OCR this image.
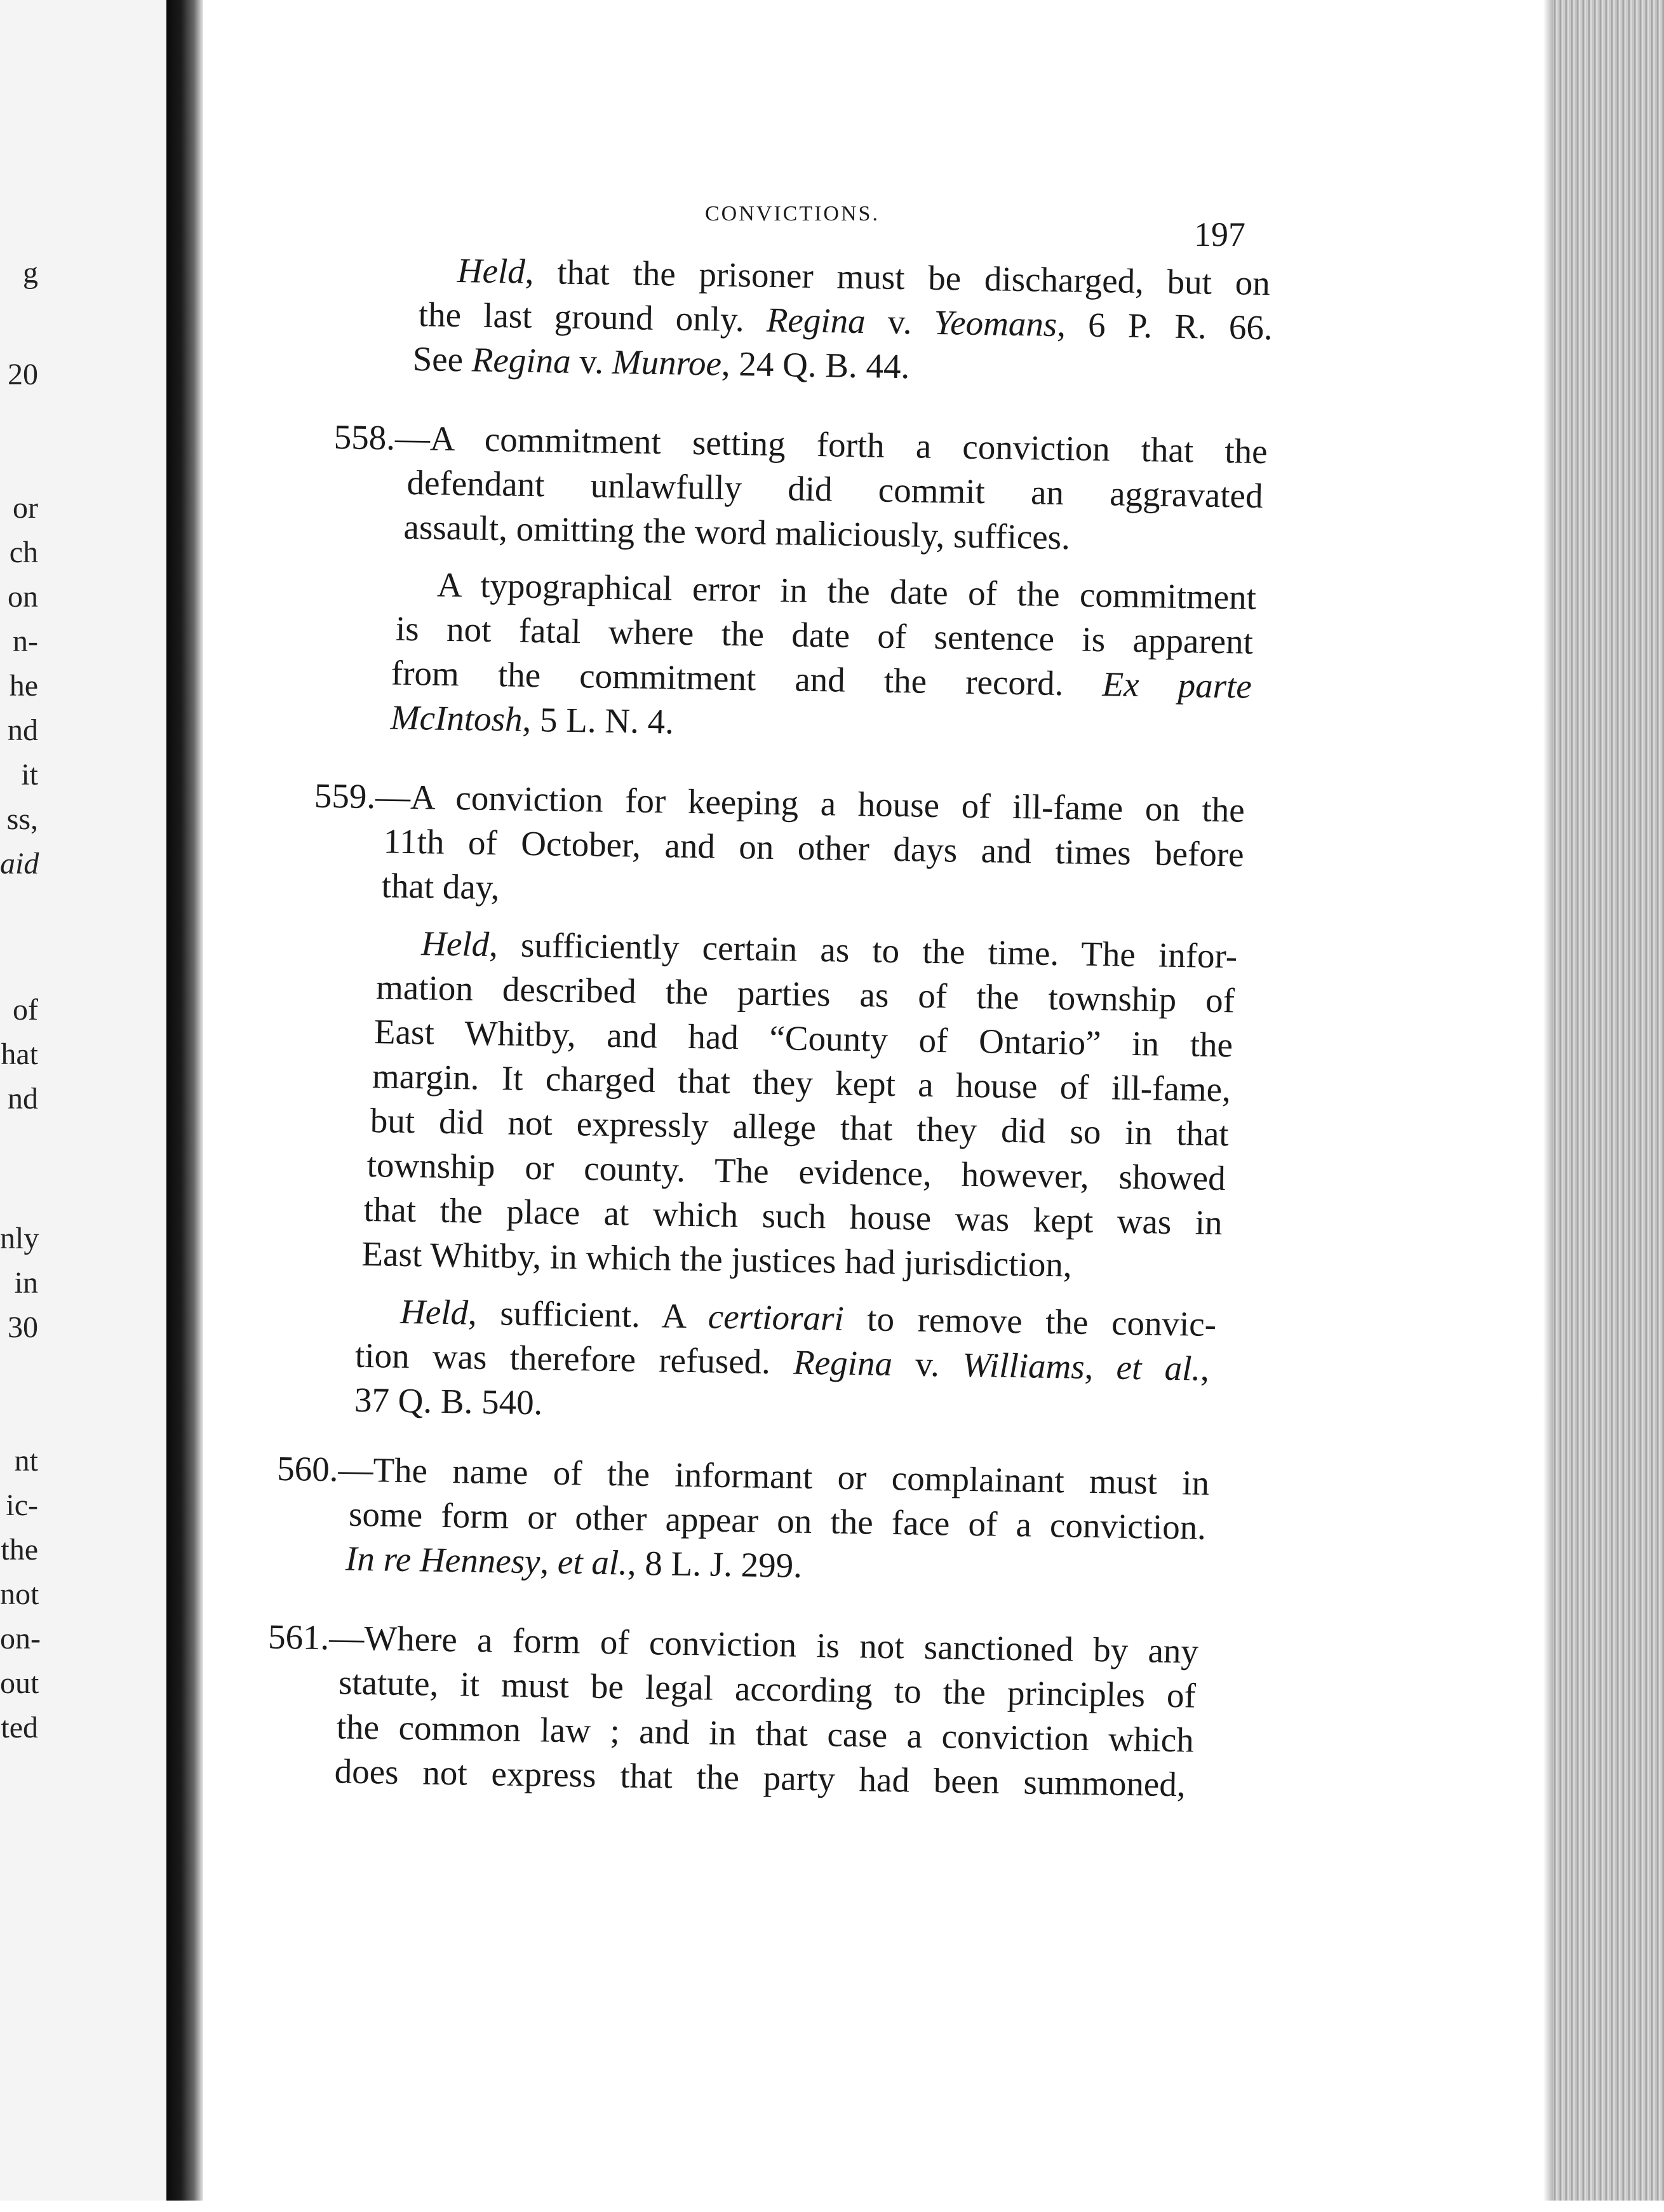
g
20
or
ch
on
n-
he
nd
it
ss,
aid
of
hat
nd
nly
in
30
nt
ic-
the
not
on-
out
ted
CONVICTIONS.
197
Held, that the prisoner must be discharged, but on
the last ground only. Regina v. Yeomans, 6 P. R. 66.
See Regina v. Munroe, 24 Q. B. 44.
558.—A commitment setting forth a conviction that the
defendant unlawfully did commit an aggravated
assault, omitting the word maliciously, suffices.
A typographical error in the date of the commitment
is not fatal where the date of sentence is apparent
from the commitment and the record. Ex parte
McIntosh, 5 L. N. 4.
559.—A conviction for keeping a house of ill-fame on the
11th of October, and on other days and times before
that day,
Held, sufficiently certain as to the time. The infor-
mation described the parties as of the township of
East Whitby, and had “County of Ontario” in the
margin. It charged that they kept a house of ill-fame,
but did not expressly allege that they did so in that
township or county. The evidence, however, showed
that the place at which such house was kept was in
East Whitby, in which the justices had jurisdiction,
Held, sufficient. A certiorari to remove the convic-
tion was therefore refused. Regina v. Williams, et al.,
37 Q. B. 540.
560.—The name of the informant or complainant must in
some form or other appear on the face of a conviction.
In re Hennesy, et al., 8 L. J. 299.
561.—Where a form of conviction is not sanctioned by any
statute, it must be legal according to the principles of
the common law ; and in that case a conviction which
does not express that the party had been summoned,
